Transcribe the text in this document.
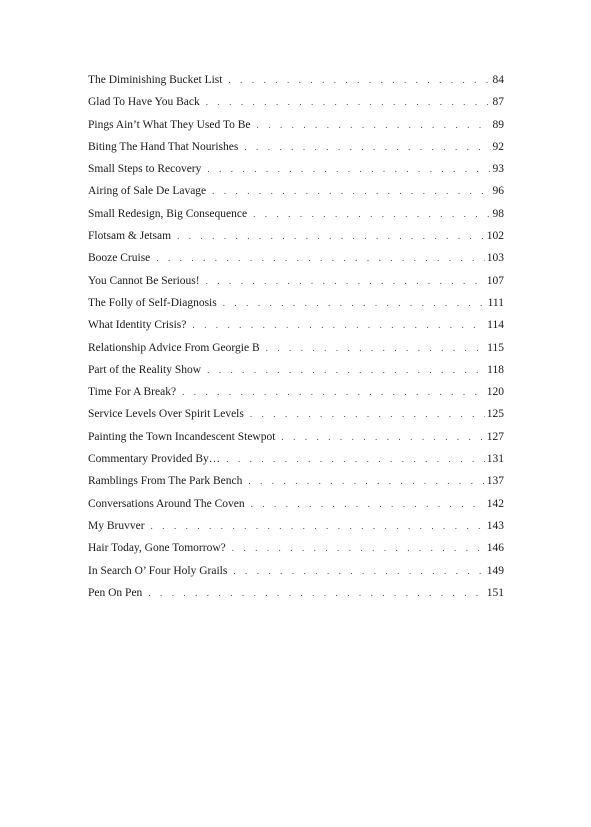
The Diminishing Bucket List . . .	84
Glad To Have You Back . . .	87
Pings Ain’t What They Used To Be . . .	89
Biting The Hand That Nourishes . . .	92
Small Steps to Recovery . . .	93
Airing of Sale De Lavage . . .	96
Small Redesign, Big Consequence . . .	98
Flotsam & Jetsam . . .	102
Booze Cruise . . .	103
You Cannot Be Serious! . . .	107
The Folly of Self-Diagnosis . . .	111
What Identity Crisis? . . .	114
Relationship Advice From Georgie B . . .	115
Part of the Reality Show . . .	118
Time For A Break? . . .	120
Service Levels Over Spirit Levels . . .	125
Painting the Town Incandescent Stewpot . . .	127
Commentary Provided By… . . .	131
Ramblings From The Park Bench . . .	137
Conversations Around The Coven . . .	142
My Bruvver . . .	143
Hair Today, Gone Tomorrow? . . .	146
In Search O’ Four Holy Grails . . .	149
Pen On Pen . . .	151
